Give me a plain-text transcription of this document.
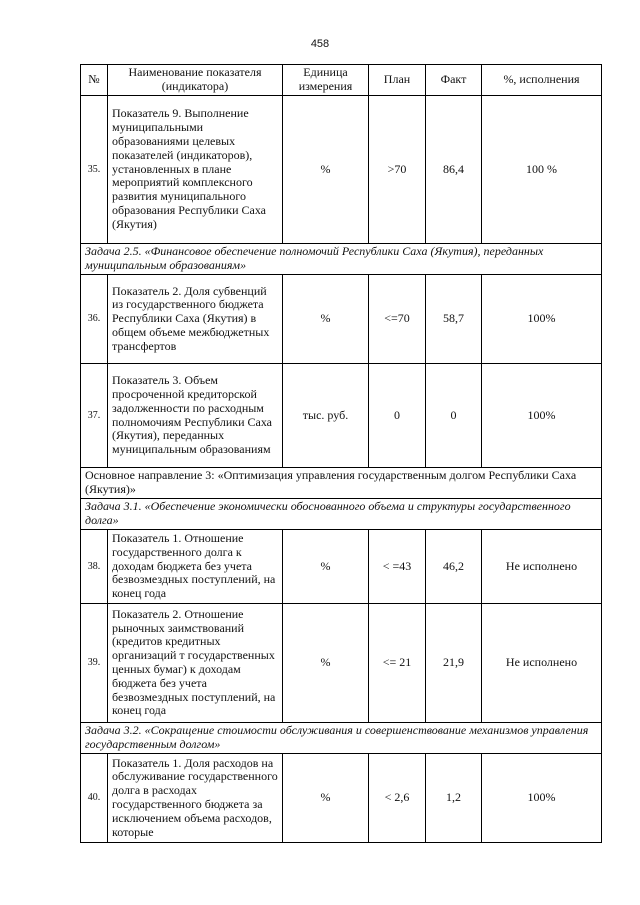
458
№	Наименование показателя (индикатора)	Единица измерения	План	Факт	%, исполнения
35.	Показатель 9. Выполнение муниципальными образованиями целевых показателей (индикаторов), установленных в плане мероприятий комплексного развития муниципального образования Республики Саха (Якутия)	%	>70	86,4	100 %
Задача 2.5. «Финансовое обеспечение полномочий Республики Саха (Якутия), переданных муниципальным образованиям»					
36.	Показатель 2. Доля субвенций из государственного бюджета Республики Саха (Якутия) в общем объеме межбюджетных трансфертов	%	<=70	58,7	100%
37.	Показатель 3. Объем просроченной кредиторской задолженности по расходным полномочиям Республики Саха (Якутия), переданных муниципальным образованиям	тыс. руб.	0	0	100%
Основное направление 3: «Оптимизация управления государственным долгом Республики Саха (Якутия)»					
Задача 3.1. «Обеспечение экономически обоснованного объема и структуры государственного долга»					
38.	Показатель 1. Отношение государственного долга к доходам бюджета без учета безвозмездных поступлений, на конец года	%	< =43	46,2	Не исполнено
39.	Показатель 2. Отношение рыночных заимствований (кредитов кредитных организаций т государственных ценных бумаг) к доходам бюджета без учета безвозмездных поступлений, на конец года	%	<= 21	21,9	Не исполнено
Задача 3.2. «Сокращение стоимости обслуживания и совершенствование механизмов управления государственным долгом»					
40.	Показатель 1. Доля расходов на обслуживание государственного долга в расходах государственного бюджета за исключением объема расходов, которые	%	< 2,6	1,2	100%
